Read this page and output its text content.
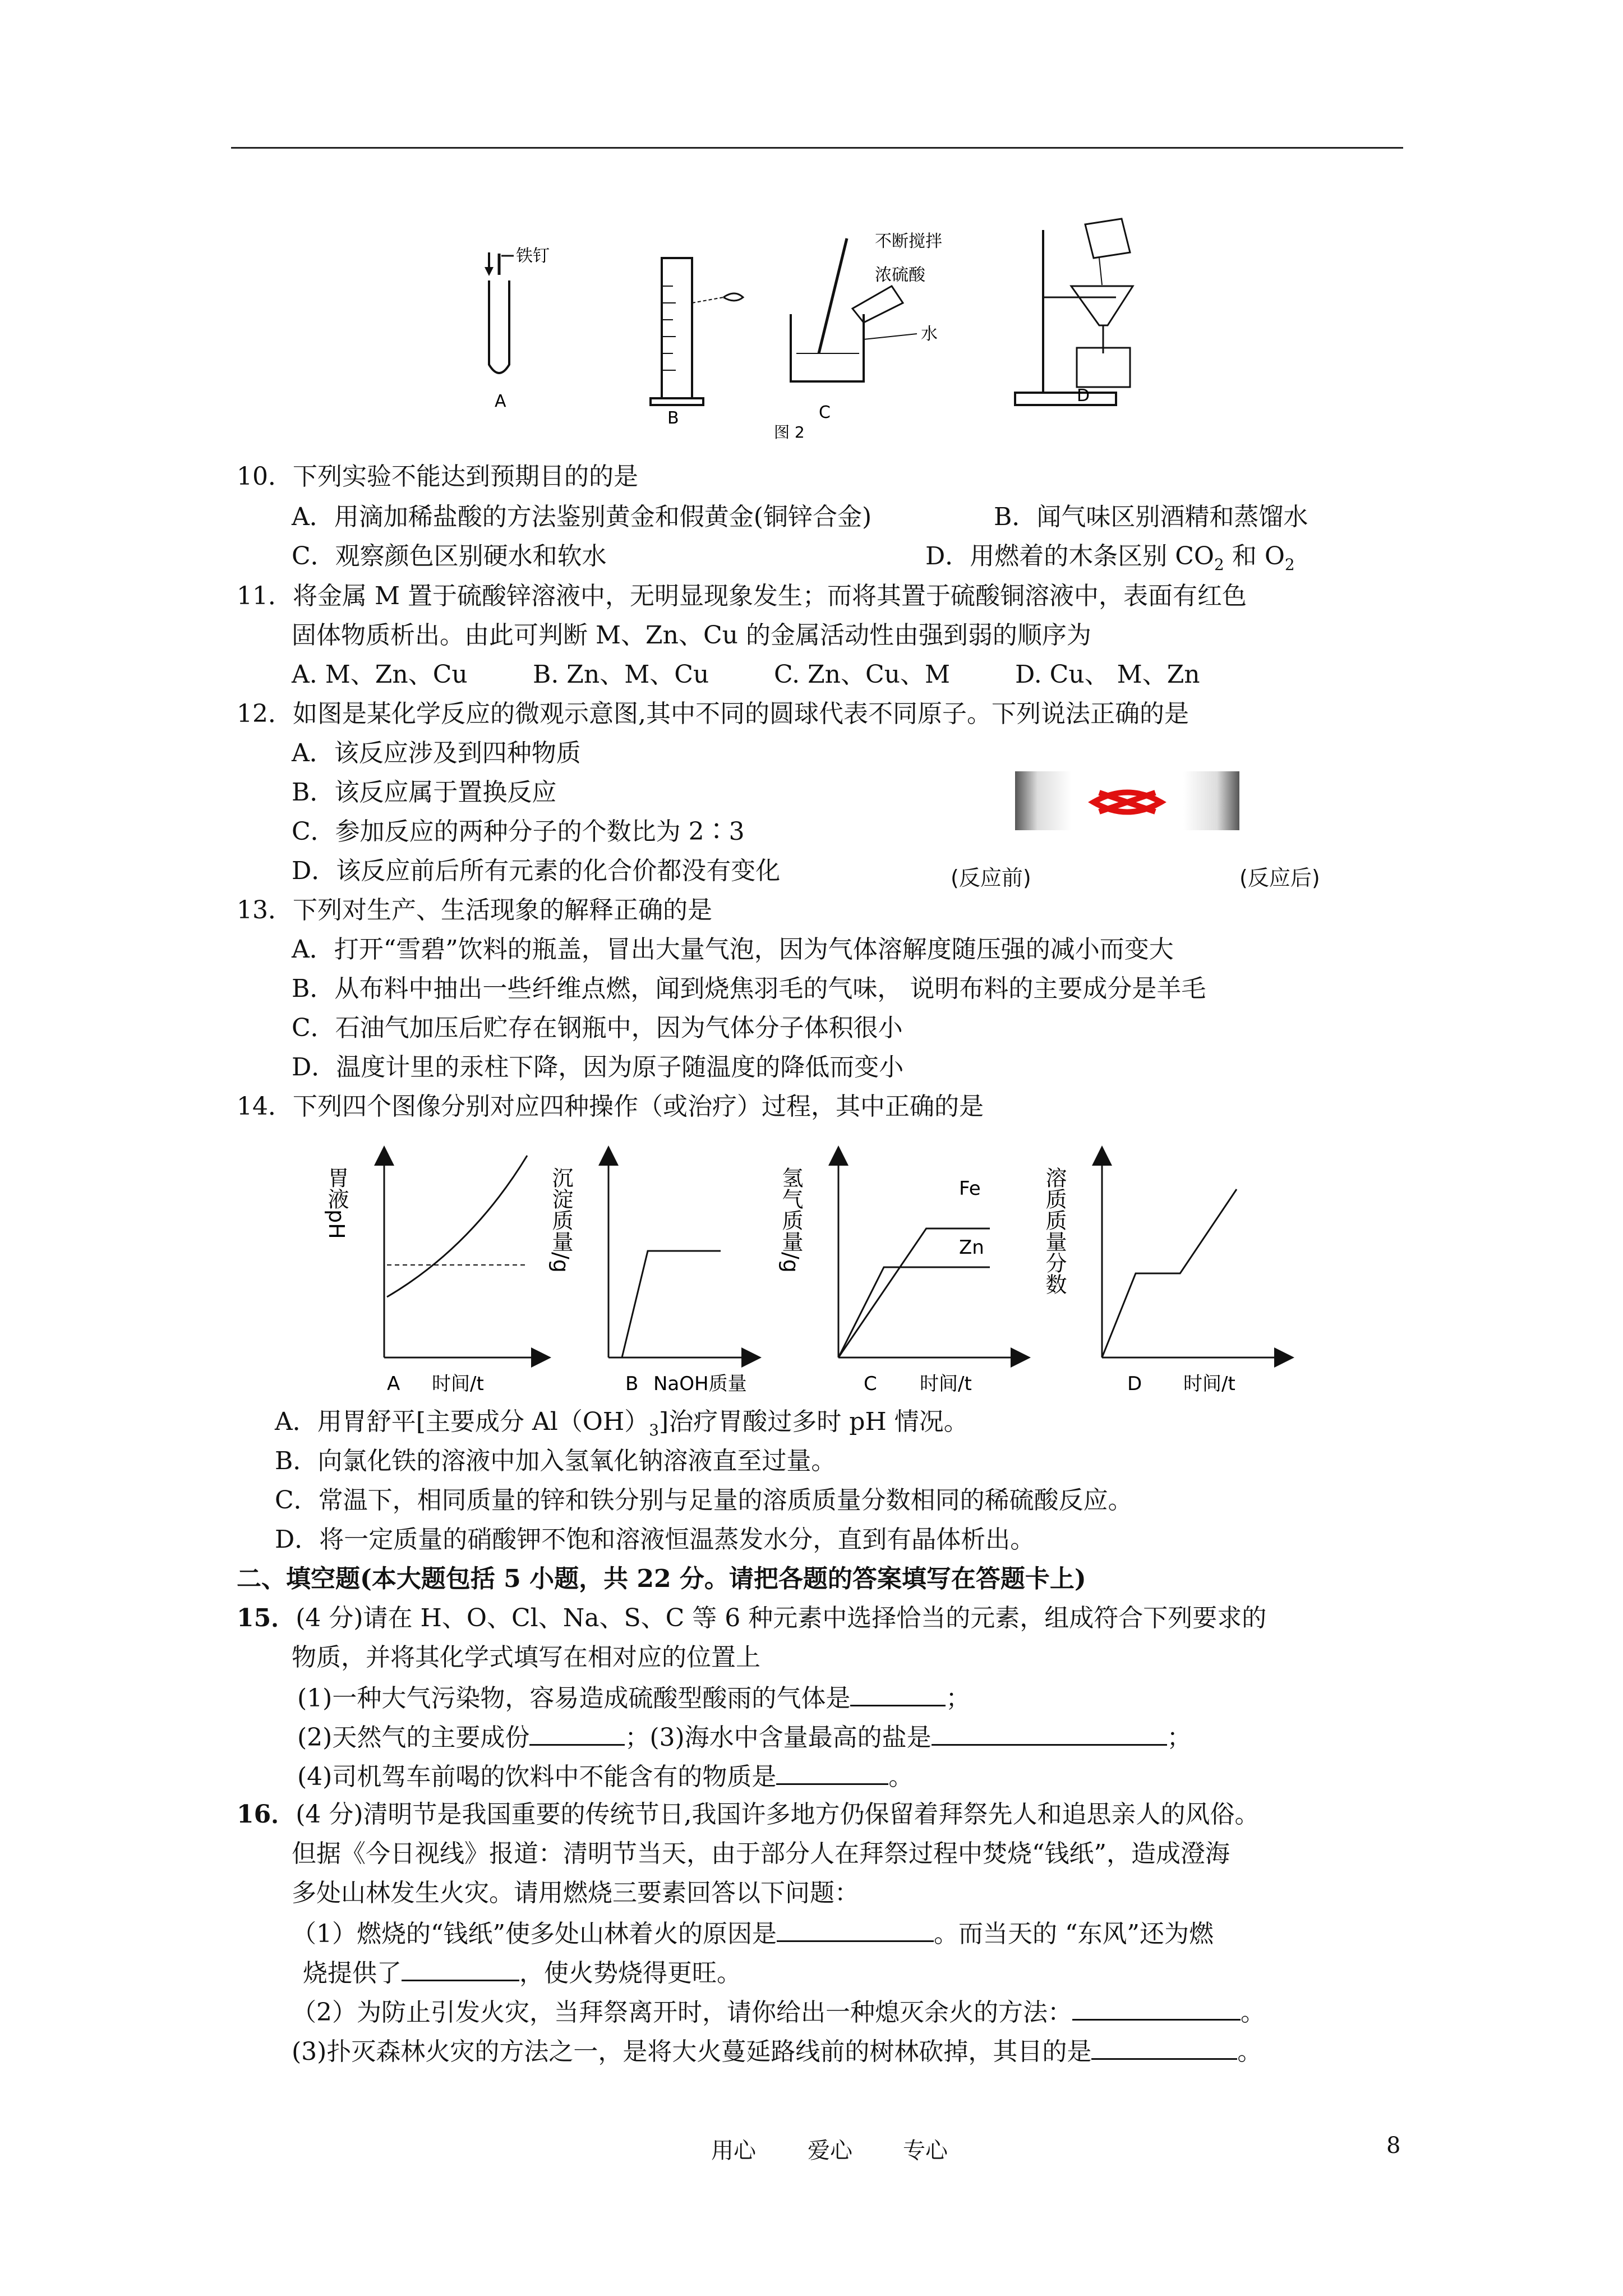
铁钉
A
B
不断搅拌
浓硫酸
水
C
D
图 2
10．下列实验不能达到预期目的的是
A．用滴加稀盐酸的方法鉴别黄金和假黄金(铜锌合金)	B．闻气味区别酒精和蒸馏水
C．观察颜色区别硬水和软水	D．用燃着的木条区别 $CO_2$ 和 $O_2$
11．将金属 M 置于硫酸锌溶液中，无明显现象发生；而将其置于硫酸铜溶液中，表面有红色
固体物质析出。由此可判断 M、Zn、Cu 的金属活动性由强到弱的顺序为
A. M、Zn、Cu	B. Zn、M、Cu	C. Zn、Cu、M	D. Cu、 M、Zn
12．如图是某化学反应的微观示意图,其中不同的圆球代表不同原子。下列说法正确的是
A．该反应涉及到四种物质
B．该反应属于置换反应
C．参加反应的两种分子的个数比为 2∶3
D．该反应前后所有元素的化合价都没有变化	(反应前)	(反应后)
13．下列对生产、生活现象的解释正确的是
A．打开“雪碧”饮料的瓶盖，冒出大量气泡，因为气体溶解度随压强的减小而变大
B．从布料中抽出一些纤维点燃，闻到烧焦羽毛的气味， 说明布料的主要成分是羊毛
C．石油气加压后贮存在钢瓶中，因为气体分子体积很小
D．温度计里的汞柱下降，因为原子随温度的降低而变小
14．下列四个图像分别对应四种操作（或治疗）过程，其中正确的是
胃液pH
A 时间/t
沉淀质量/g
B NaOH质量
氢气质量/g	Fe
Zn
C 时间/t
溶质质量分数
D 时间/t
A．用胃舒平[主要成分 $Al(OH)_3$]治疗胃酸过多时 pH 情况。
B．向氯化铁的溶液中加入氢氧化钠溶液直至过量。
C．常温下，相同质量的锌和铁分别与足量的溶质质量分数相同的稀硫酸反应。
D．将一定质量的硝酸钾不饱和溶液恒温蒸发水分，直到有晶体析出。
二、填空题(本大题包括 5 小题，共 22 分。请把各题的答案填写在答题卡上)
15．(4 分)请在 H、O、Cl、Na、S、C 等 6 种元素中选择恰当的元素，组成符合下列要求的
物质，并将其化学式填写在相对应的位置上
(1)一种大气污染物，容易造成硫酸型酸雨的气体是	；
(2)天然气的主要成份	；(3)海水中含量最高的盐是	；
(4)司机驾车前喝的饮料中不能含有的物质是	。
16．(4 分)清明节是我国重要的传统节日,我国许多地方仍保留着拜祭先人和追思亲人的风俗。
但据《今日视线》报道：清明节当天，由于部分人在拜祭过程中焚烧“钱纸”，造成澄海
多处山林发生火灾。请用燃烧三要素回答以下问题：
（1）燃烧的“钱纸”使多处山林着火的原因是	。而当天的 “东风”还为燃
烧提供了	，使火势烧得更旺。
（2）为防止引发火灾，当拜祭离开时，请你给出一种熄灭余火的方法：	。
(3)扑灭森林火灾的方法之一，是将大火蔓延路线前的树林砍掉，其目的是	。
用心 爱心 专心	8
